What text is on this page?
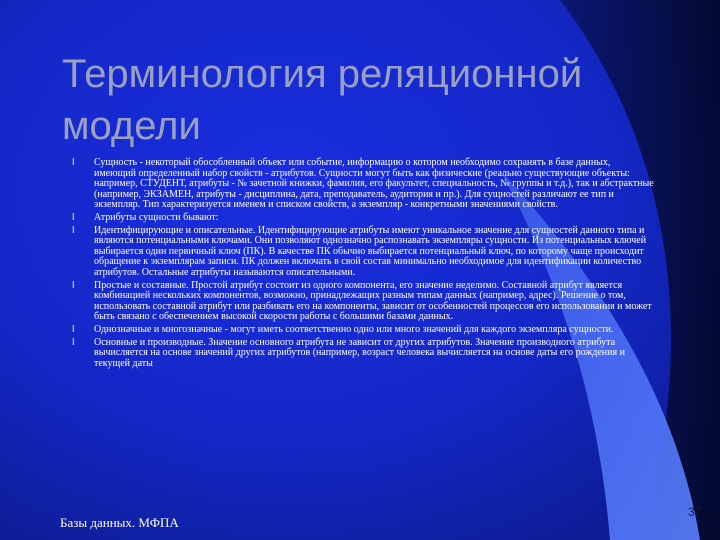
Терминология реляционной модели
l Сущность - некоторый обособленный объект или событие, информацию о котором необходимо сохранять в базе данных, имеющий определенный набор свойств - атрибутов. Сущности могут быть как физические (реально существующие объекты: например, СТУДЕНТ, атрибуты - № зачетной книжки, фамилия, его факультет, специальность, № группы и т.д.), так и абстрактные (например, ЭКЗАМЕН, атрибуты - дисциплина, дата, преподаватель, аудитория и пр.). Для сущностей различают ее тип и экземпляр. Тип характеризуется именем и списком свойств, а экземпляр - конкретными значениями свойств.
l Атрибуты сущности бывают:
l Идентифицирующие и описательные. Идентифицирующие атрибуты имеют уникальное значение для сущностей данного типа и являются потенциальными ключами. Они позволяют однозначно распознавать экземпляры сущности. Из потенциальных ключей выбирается один первичный ключ (ПК). В качестве ПК обычно выбирается потенциальный ключ, по которому чаще происходит обращение к экземплярам записи. ПК должен включать в свой состав минимально необходимое для идентификации количество атрибутов. Остальные атрибуты называются описательными.
l Простые и составные. Простой атрибут состоит из одного компонента, его значение неделимо. Составной атрибут является комбинацией нескольких компонентов, возможно, принадлежащих разным типам данных (например, адрес). Решение о том, использовать составной атрибут или разбивать его на компоненты, зависит от особенностей процессов его использования и может быть связано с обеспечением высокой скорости работы с большими базами данных.
l Однозначные и многозначные - могут иметь соответственно одно или много значений для каждого экземпляра сущности.
l Основные и производные. Значение основного атрибута не зависит от других атрибутов. Значение производного атрибута вычисляется на основе значений других атрибутов (например, возраст человека вычисляется на основе даты его рождения и текущей даты
Базы данных. МФПА
37
